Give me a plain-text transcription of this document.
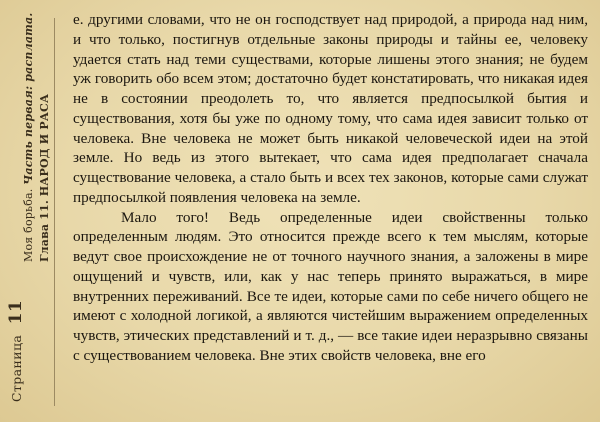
Страница 11
Моя борьба. Часть первая: расплата.
Глава 11. НАРОД И РАСА

е. другими словами, что не он господствует над природой, а природа над ним, и что только, постигнув отдельные законы природы и тайны ее, человеку удается стать над теми существами, которые лишены этого знания; не будем уж говорить обо всем этом; достаточно будет констатировать, что никакая идея не в состоянии преодолеть то, что является предпосылкой бытия и существования, хотя бы уже по одному тому, что сама идея зависит только от человека. Вне человека не может быть никакой человеческой идеи на этой земле. Но ведь из этого вытекает, что сама идея предполагает сначала существование человека, а стало быть и всех тех законов, которые сами служат предпосылкой появления человека на земле.

Мало того! Ведь определенные идеи свойственны только определенным людям. Это относится прежде всего к тем мыслям, которые ведут свое происхождение не от точного научного знания, а заложены в мире ощущений и чувств, или, как у нас теперь принято выражаться, в мире внутренних переживаний. Все те идеи, которые сами по себе ничего общего не имеют с холодной логикой, а являются чистейшим выражением определенных чувств, этических представлений и т. д., — все такие идеи неразрывно связаны с существованием человека. Вне этих свойств человека, вне его
